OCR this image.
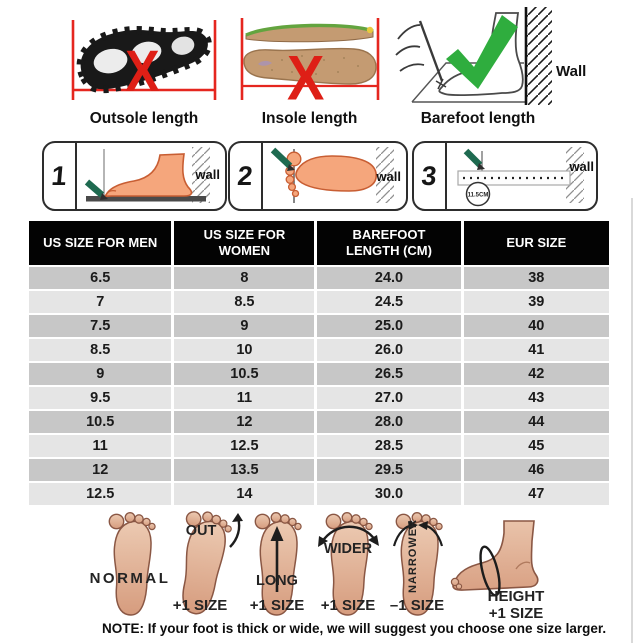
X
Outsole length
X
Insole length
Wall
Barefoot length
1	wall 2	wall 3
11.5CM
wall
US SIZE FOR MEN	US SIZE FOR WOMEN	BAREFOOT LENGTH (CM)	EUR SIZE
6.5	8	24.0	38
7	8.5	24.5	39
7.5	9	25.0	40
8.5	10	26.0	41
9	10.5	26.5	42
9.5	11	27.0	43
10.5	12	28.0	44
11	12.5	28.5	45
12	13.5	29.5	46
12.5	14	30.0	47
NORMAL
OUT
+1 SIZE
LONG
+1 SIZE
WIDER
+1 SIZE
NARROWER
–1 SIZE
HEIGHT
+1 SIZE
NOTE: If your foot is thick or wide, we will suggest you choose one size larger.
